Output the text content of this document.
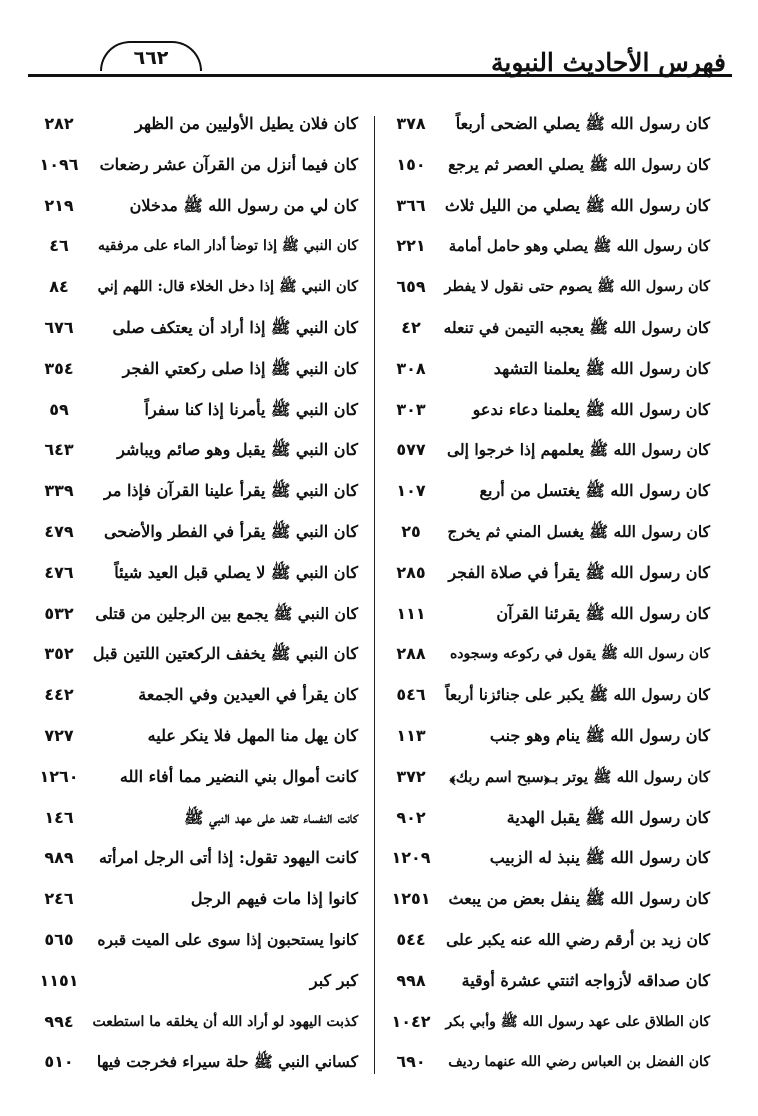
فهرس الأحاديث النبوية
٦٦٢
كان رسول الله ﷺ يصلي الضحى أربعاً
٣٧٨
كان رسول الله ﷺ يصلي العصر ثم يرجع
١٥٠
كان رسول الله ﷺ يصلي من الليل ثلاث
٣٦٦
كان رسول الله ﷺ يصلي وهو حامل أمامة
٢٢١
كان رسول الله ﷺ يصوم حتى نقول لا يفطر
٦٥٩
كان رسول الله ﷺ يعجبه التيمن في تنعله
٤٢
كان رسول الله ﷺ يعلمنا التشهد
٣٠٨
كان رسول الله ﷺ يعلمنا دعاء ندعو
٣٠٣
كان رسول الله ﷺ يعلمهم إذا خرجوا إلى
٥٧٧
كان رسول الله ﷺ يغتسل من أربع
١٠٧
كان رسول الله ﷺ يغسل المني ثم يخرج
٢٥
كان رسول الله ﷺ يقرأ في صلاة الفجر
٢٨٥
كان رسول الله ﷺ يقرئنا القرآن
١١١
كان رسول الله ﷺ يقول في ركوعه وسجوده
٢٨٨
كان رسول الله ﷺ يكبر على جنائزنا أربعاً
٥٤٦
كان رسول الله ﷺ ينام وهو جنب
١١٣
كان رسول الله ﷺ يوتر بـ﴿سبح اسم ربك﴾
٣٧٢
كان رسول الله ﷺ يقبل الهدية
٩٠٢
كان رسول الله ﷺ ينبذ له الزبيب
١٢٠٩
كان رسول الله ﷺ ينفل بعض من يبعث
١٢٥١
كان زيد بن أرقم رضي الله عنه يكبر على
٥٤٤
كان صداقه لأزواجه اثنتي عشرة أوقية
٩٩٨
كان الطلاق على عهد رسول الله ﷺ وأبي بكر
١٠٤٢
كان الفضل بن العباس رضي الله عنهما رديف
٦٩٠
كان فلان يطيل الأوليين من الظهر
٢٨٢
كان فيما أنزل من القرآن عشر رضعات
١٠٩٦
كان لي من رسول الله ﷺ مدخلان
٢١٩
كان النبي ﷺ إذا توضأ أدار الماء على مرفقيه
٤٦
كان النبي ﷺ إذا دخل الخلاء قال: اللهم إني
٨٤
كان النبي ﷺ إذا أراد أن يعتكف صلى
٦٧٦
كان النبي ﷺ إذا صلى ركعتي الفجر
٣٥٤
كان النبي ﷺ يأمرنا إذا كنا سفراً
٥٩
كان النبي ﷺ يقبل وهو صائم ويباشر
٦٤٣
كان النبي ﷺ يقرأ علينا القرآن فإذا مر
٣٣٩
كان النبي ﷺ يقرأ في الفطر والأضحى
٤٧٩
كان النبي ﷺ لا يصلي قبل العيد شيئاً
٤٧٦
كان النبي ﷺ يجمع بين الرجلين من قتلى
٥٣٢
كان النبي ﷺ يخفف الركعتين اللتين قبل
٣٥٢
كان يقرأ في العيدين وفي الجمعة
٤٤٢
كان يهل منا المهل فلا ينكر عليه
٧٢٧
كانت أموال بني النضير مما أفاء الله
١٢٦٠
كانت النفساء تقعد على عهد النبي ﷺ
١٤٦
كانت اليهود تقول: إذا أتى الرجل امرأته
٩٨٩
كانوا إذا مات فيهم الرجل
٢٤٦
كانوا يستحبون إذا سوى على الميت قبره
٥٦٥
كبر كبر
١١٥١
كذبت اليهود لو أراد الله أن يخلقه ما استطعت
٩٩٤
كساني النبي ﷺ حلة سيراء فخرجت فيها
٥١٠
